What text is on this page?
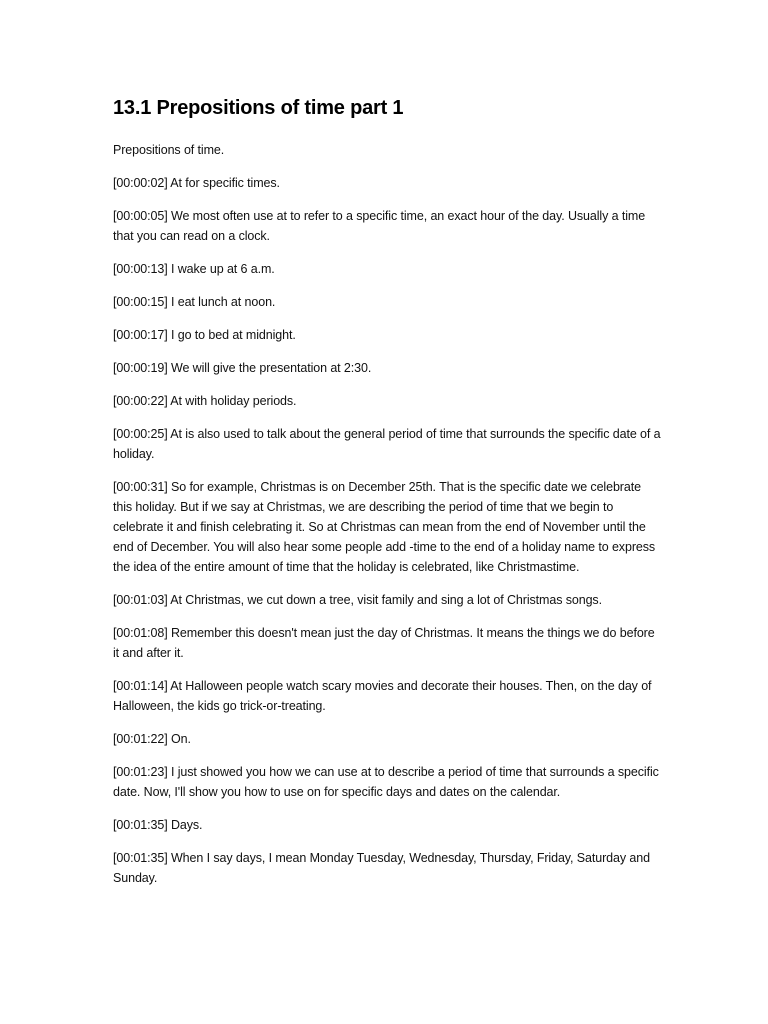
13.1 Prepositions of time part 1

Prepositions of time.

[00:00:02] At for specific times.

[00:00:05] We most often use at to refer to a specific time, an exact hour of the day. Usually a time that you can read on a clock.

[00:00:13] I wake up at 6 a.m.

[00:00:15] I eat lunch at noon.

[00:00:17] I go to bed at midnight.

[00:00:19] We will give the presentation at 2:30.

[00:00:22] At with holiday periods.

[00:00:25] At is also used to talk about the general period of time that surrounds the specific date of a holiday.

[00:00:31] So for example, Christmas is on December 25th. That is the specific date we celebrate this holiday. But if we say at Christmas, we are describing the period of time that we begin to celebrate it and finish celebrating it. So at Christmas can mean from the end of November until the end of December. You will also hear some people add -time to the end of a holiday name to express the idea of the entire amount of time that the holiday is celebrated, like Christmastime.

[00:01:03] At Christmas, we cut down a tree, visit family and sing a lot of Christmas songs.

[00:01:08] Remember this doesn't mean just the day of Christmas. It means the things we do before it and after it.

[00:01:14] At Halloween people watch scary movies and decorate their houses. Then, on the day of Halloween, the kids go trick-or-treating.

[00:01:22] On.

[00:01:23] I just showed you how we can use at to describe a period of time that surrounds a specific date. Now, I'll show you how to use on for specific days and dates on the calendar.

[00:01:35] Days.

[00:01:35] When I say days, I mean Monday Tuesday, Wednesday, Thursday, Friday, Saturday and Sunday.
